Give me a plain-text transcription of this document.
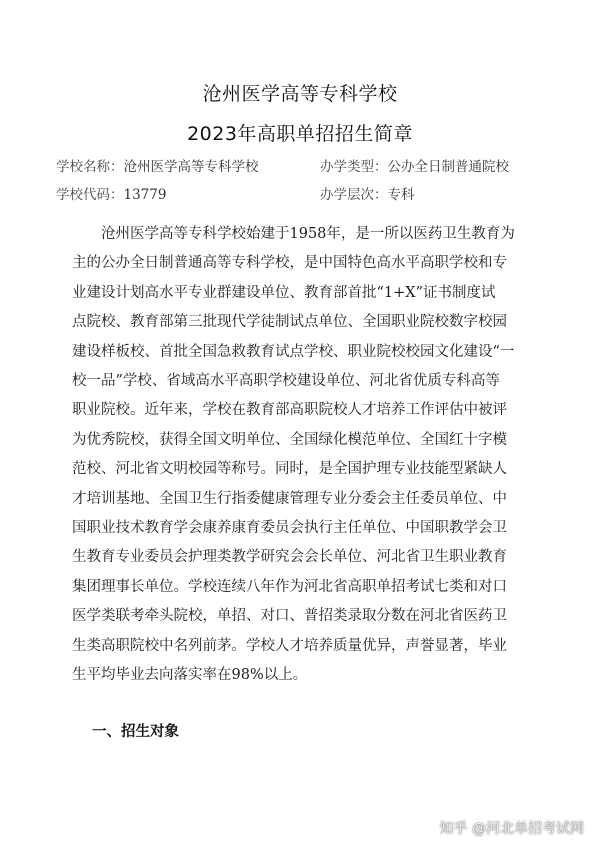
沧州医学高等专科学校
2023年高职单招招生简章
学校名称：沧州医学高等专科学校	办学类型：公办全日制普通院校
学校代码：13779	办学层次：专科
沧州医学高等专科学校始建于1958年，是一所以医药卫生教育为
主的公办全日制普通高等专科学校，是中国特色高水平高职学校和专
业建设计划高水平专业群建设单位、教育部首批“1+X”证书制度试
点院校、教育部第三批现代学徒制试点单位、全国职业院校数字校园
建设样板校、首批全国急救教育试点学校、职业院校校园文化建设“一
校一品”学校、省域高水平高职学校建设单位、河北省优质专科高等
职业院校。近年来，学校在教育部高职院校人才培养工作评估中被评
为优秀院校，获得全国文明单位、全国绿化模范单位、全国红十字模
范校、河北省文明校园等称号。同时，是全国护理专业技能型紧缺人
才培训基地、全国卫生行指委健康管理专业分委会主任委员单位、中
国职业技术教育学会康养康育委员会执行主任单位、中国职教学会卫
生教育专业委员会护理类教学研究会会长单位、河北省卫生职业教育
集团理事长单位。学校连续八年作为河北省高职单招考试七类和对口
医学类联考牵头院校，单招、对口、普招类录取分数在河北省医药卫
生类高职院校中名列前茅。学校人才培养质量优异，声誉显著，毕业
生平均毕业去向落实率在98%以上。
一、招生对象
知乎 @河北单招考试网
